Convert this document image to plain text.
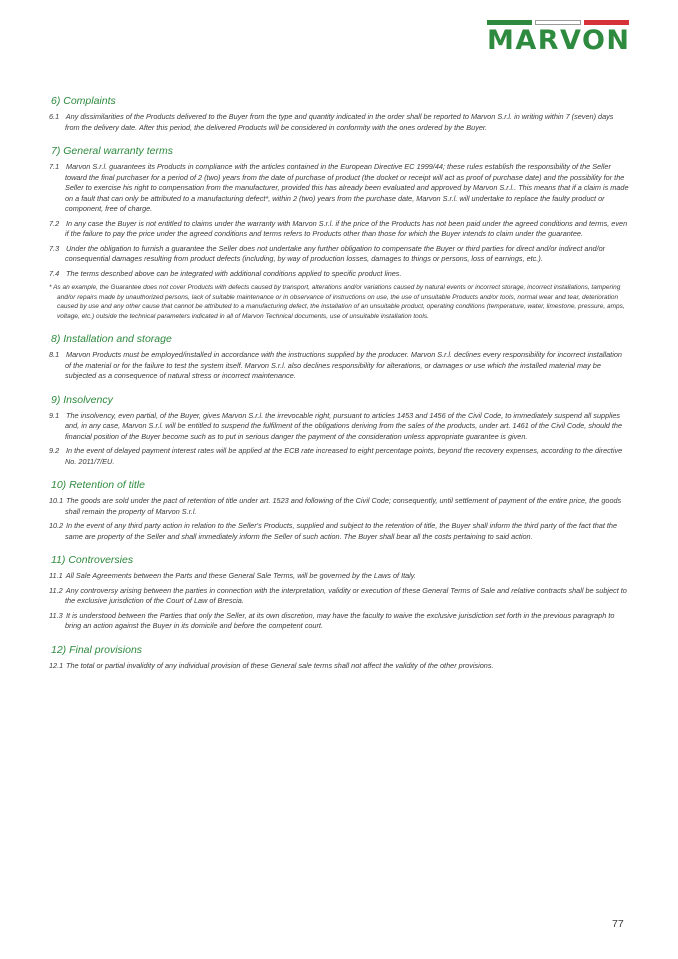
MARVON
6) Complaints
6.1 Any dissimilarities of the Products delivered to the Buyer from the type and quantity indicated in the order shall be reported to Marvon S.r.l. in writing within 7 (seven) days from the delivery date. After this period, the delivered Products will be considered in conformity with the ones ordered by the Buyer.
7) General warranty terms
7.1 Marvon S.r.l. guarantees its Products in compliance with the articles contained in the European Directive EC 1999/44; these rules establish the responsibility of the Seller toward the final purchaser for a period of 2 (two) years from the date of purchase of product (the docket or receipt will act as proof of purchase date) and the possibility for the Seller to exercise his right to compensation from the manufacturer, provided this has already been evaluated and approved by Marvon S.r.l.. This means that if a claim is made on a fault that can only be attributed to a manufacturing defect*, within 2 (two) years from the purchase date, Marvon S.r.l. will undertake to replace the faulty product or component, free of charge.
7.2 In any case the Buyer is not entitled to claims under the warranty with Marvon S.r.l. if the price of the Products has not been paid under the agreed conditions and terms, even if the failure to pay the price under the agreed conditions and terms refers to Products other than those for which the Buyer intends to claim under the guarantee.
7.3 Under the obligation to furnish a guarantee the Seller does not undertake any further obligation to compensate the Buyer or third parties for direct and/or indirect and/or consequential damages resulting from product defects (including, by way of production losses, damages to things or persons, loss of earnings, etc.).
7.4 The terms described above can be integrated with additional conditions applied to specific product lines.
* As an example, the Guarantee does not cover Products with defects caused by transport, alterations and/or variations caused by natural events or incorrect storage, incorrect installations, tampering and/or repairs made by unauthorized persons, lack of suitable maintenance or in observance of instructions on use, the use of unsuitable Products and/or tools, normal wear and tear, deterioration caused by use and any other cause that cannot be attributed to a manufacturing defect, the installation of an unsuitable product, operating conditions (temperature, water, limestone, pressure, amps, voltage, etc.) outside the technical parameters indicated in all of Marvon Technical documents, use of unsuitable installation tools.
8) Installation and storage
8.1 Marvon Products must be employed/installed in accordance with the instructions supplied by the producer. Marvon S.r.l. declines every responsibility for incorrect installation of the material or for the failure to test the system itself. Marvon S.r.l. also declines responsibility for alterations, or damages or use which the installed material may be subjected as a consequence of natural stress or incorrect maintenance.
9) Insolvency
9.1 The insolvency, even partial, of the Buyer, gives Marvon S.r.l. the irrevocable right, pursuant to articles 1453 and 1456 of the Civil Code, to immediately suspend all supplies and, in any case, Marvon S.r.l. will be entitled to suspend the fulfilment of the obligations deriving from the sales of the products, under art. 1461 of the Civil Code, should the financial position of the Buyer become such as to put in serious danger the payment of the consideration unless appropriate guarantee is given.
9.2 In the event of delayed payment interest rates will be applied at the ECB rate increased to eight percentage points, beyond the recovery expenses, according to the directive No. 2011/7/EU.
10) Retention of title
10.1 The goods are sold under the pact of retention of title under art. 1523 and following of the Civil Code; consequently, until settlement of payment of the entire price, the goods shall remain the property of Marvon S.r.l.
10.2 In the event of any third party action in relation to the Seller's Products, supplied and subject to the retention of title, the Buyer shall inform the third party of the fact that the same are property of the Seller and shall immediately inform the Seller of such action. The Buyer shall bear all the costs pertaining to said action.
11) Controversies
11.1 All Sale Agreements between the Parts and these General Sale Terms, will be governed by the Laws of Italy.
11.2 Any controversy arising between the parties in connection with the interpretation, validity or execution of these General Terms of Sale and relative contracts shall be subject to the exclusive jurisdiction of the Court of Law of Brescia.
11.3 It is understood between the Parties that only the Seller, at its own discretion, may have the faculty to waive the exclusive jurisdiction set forth in the previous paragraph to bring an action against the Buyer in its domicile and before the competent court.
12) Final provisions
12.1 The total or partial invalidity of any individual provision of these General sale terms shall not affect the validity of the other provisions.
77
